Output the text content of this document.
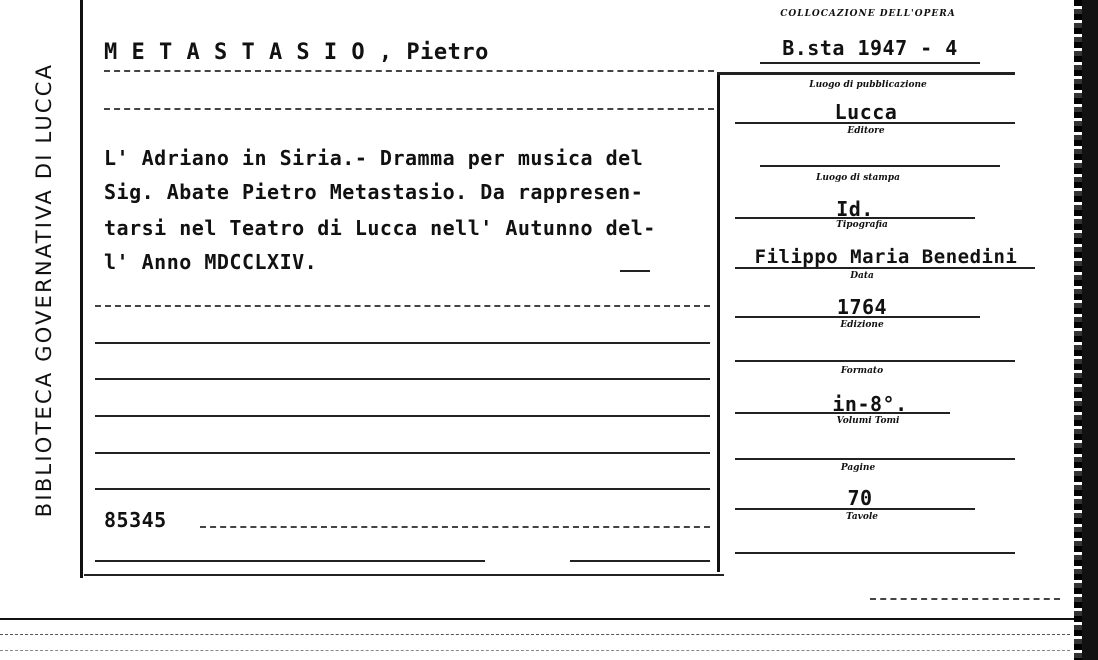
BIBLIOTECA GOVERNATIVA DI LUCCA
COLLOCAZIONE DELL'OPERA
B.sta 1947 - 4
M E T A S T A S I O , Pietro
L' Adriano in Siria.- Dramma per musica del
Sig. Abate Pietro Metastasio. Da rappresen-
tarsi nel Teatro di Lucca nell' Autunno del-
l' Anno MDCCLXIV.
85345
Luogo di pubblicazione
Lucca
Editore
Luogo di stampa
Id.
Tipografia
Filippo Maria Benedini
Data
1764
Edizione
Formato
in-8°.
Volumi Tomi
Pagine
70
Tavole
